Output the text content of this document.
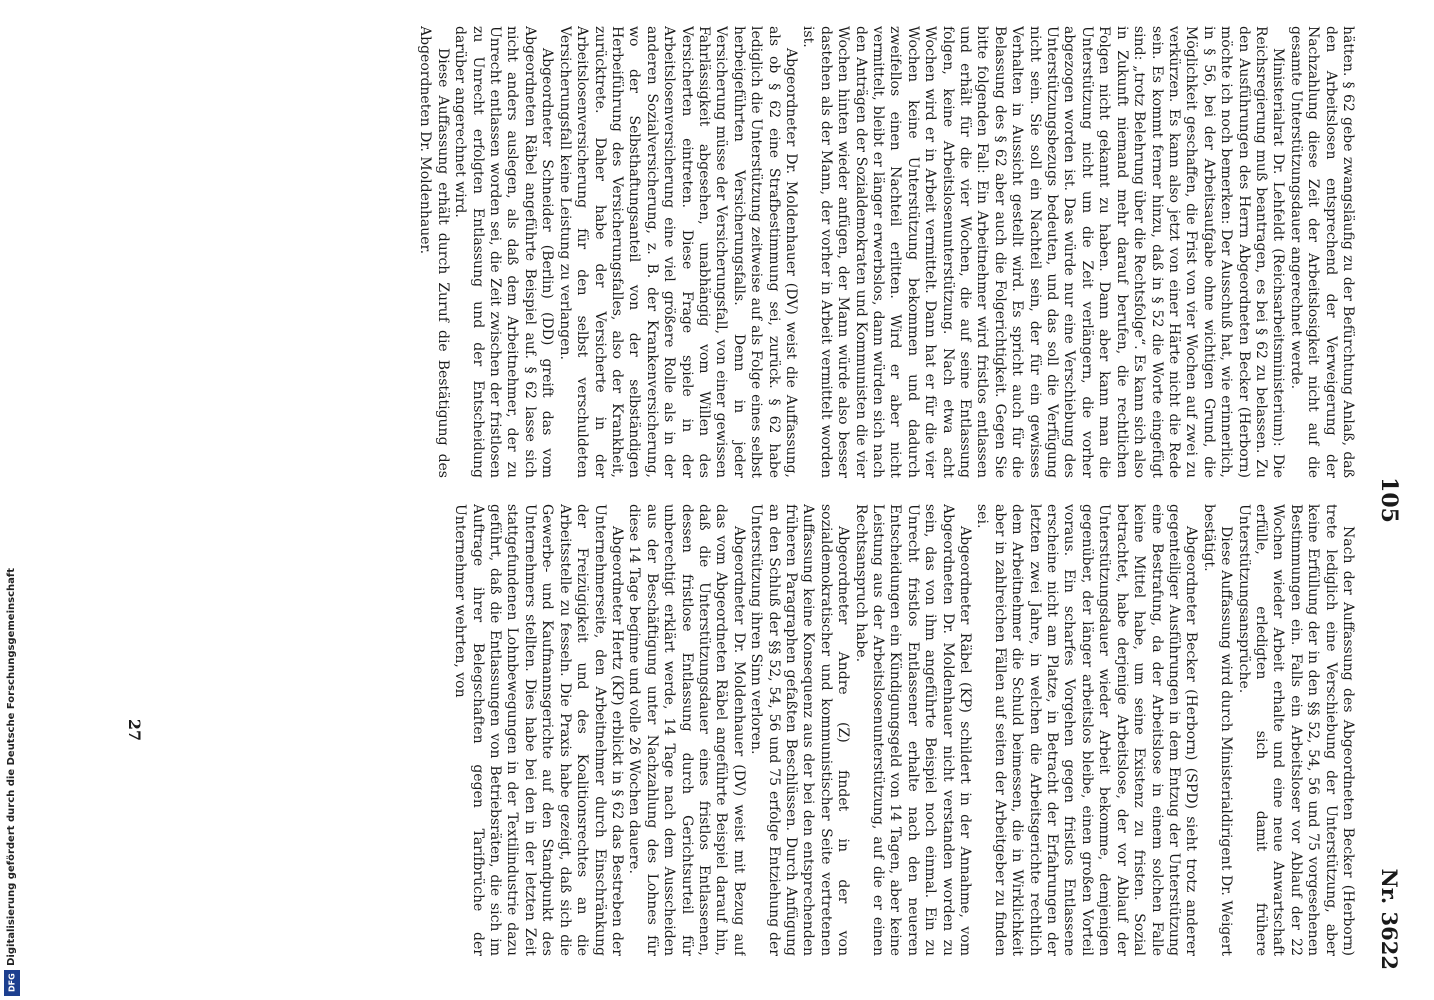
105
Nr. 3622

hätten. § 62 gebe zwangsläufig zu der Befürchtung Anlaß, daß den Arbeitslosen entsprechend der Verweigerung der Nachzahlung diese Zeit der Arbeitslosigkeit nicht auf die gesamte Unterstützungsdauer angerechnet werde.

Ministerialrat Dr. Lehfeldt (Reichsarbeitsministerium): Die Reichsregierung muß beantragen, es bei § 62 zu belassen. Zu den Ausführungen des Herrn Abgeordneten Becker (Herborn) möchte ich noch bemerken: Der Ausschuß hat, wie erinnerlich, in § 56, bei der Arbeitsaufgabe ohne wichtigen Grund, die Möglichkeit geschaffen, die Frist von vier Wochen auf zwei zu verkürzen. Es kann also jetzt von einer Härte nicht die Rede sein. Es kommt ferner hinzu, daß in § 52 die Worte eingefügt sind: „trotz Belehrung über die Rechtsfolge“. Es kann sich also in Zukunft niemand mehr darauf berufen, die rechtlichen Folgen nicht gekannt zu haben. Dann aber kann man die Unterstützung nicht um die Zeit verlängern, die vorher abgezogen worden ist. Das würde nur eine Verschiebung des Unterstützungsbezugs bedeuten, und das soll die Verfügung nicht sein. Sie soll ein Nachteil sein, der für ein gewisses Verhalten in Aussicht gestellt wird. Es spricht auch für die Belassung des § 62 aber auch die Folgerichtigkeit. Gegen Sie bitte folgenden Fall: Ein Arbeitnehmer wird fristlos entlassen und erhält für die vier Wochen, die auf seine Entlassung folgen, keine Arbeitslosenunterstützung. Nach etwa acht Wochen wird er in Arbeit vermittelt. Dann hat er für die vier Wochen keine Unterstützung bekommen und dadurch zweifellos einen Nachteil erlitten. Wird er aber nicht vermittelt, bleibt er länger erwerbslos, dann würden sich nach den Anträgen der Sozialdemokraten und Kommunisten die vier Wochen hinten wieder anfügen, der Mann würde also besser dastehen als der Mann, der vorher in Arbeit vermittelt worden ist.

Abgeordneter Dr. Moldenhauer (DV) weist die Auffassung, als ob § 62 eine Strafbestimmung sei, zurück. § 62 habe lediglich die Unterstützung zeitweise auf als Folge eines selbst herbeigeführten Versicherungsfalls. Denn in jeder Versicherung müsse der Versicherungsfall, von einer gewissen Fahrlässigkeit abgesehen, unabhängig vom Willen des Versicherten eintreten. Diese Frage spiele in der Arbeitslosenversicherung eine viel größere Rolle als in der anderen Sozialversicherung, z. B. der Krankenversicherung, wo der Selbsthaftungsanteil von der selbständigen Herbeiführung des Versicherungsfalles, also der Krankheit, zurücktrete. Daher habe der Versicherte in der Arbeitslosenversicherung für den selbst verschuldeten Versicherungsfall keine Leistung zu verlangen.

Abgeordneter Schneider (Berlin) (DD) greift das vom Abgeordneten Räbel angeführte Beispiel auf. § 62 lasse sich nicht anders auslegen, als daß dem Arbeitnehmer, der zu Unrecht entlassen worden sei, die Zeit zwischen der fristlosen zu Unrecht erfolgten Entlassung und der Entscheidung darüber angerechnet wird.

Diese Auffassung erhält durch Zuruf die Bestätigung des Abgeordneten Dr. Moldenhauer.

Nach der Auffassung des Abgeordneten Becker (Herborn) trete lediglich eine Verschiebung der Unterstützung, aber keine Erfüllung der in den §§ 52, 54, 56 und 75 vorgesehenen Bestimmungen ein. Falls ein Arbeitsloser vor Ablauf der 22 Wochen wieder Arbeit erhalte und eine neue Anwartschaft erfülle, erledigten sich damit frühere Unterstützungsansprüche.

Diese Auffassung wird durch Ministerialdirigent Dr. Weigert bestätigt.

Abgeordneter Becker (Herborn) (SPD) sieht trotz anderer gegenteiliger Ausführungen in dem Entzug der Unterstützung eine Bestrafung, da der Arbeitslose in einem solchen Falle keine Mittel habe, um seine Existenz zu fristen. Sozial betrachtet, habe derjenige Arbeitslose, der vor Ablauf der Unterstützungsdauer wieder Arbeit bekomme, demjenigen gegenüber, der länger arbeitslos bleibe, einen großen Vorteil voraus. Ein scharfes Vorgehen gegen fristlos Entlassene erscheine nicht am Platze, in Betracht der Erfahrungen der letzten zwei Jahre, in welchen die Arbeitsgerichte rechtlich dem Arbeitnehmer die Schuld beimessen, die in Wirklichkeit aber in zahlreichen Fällen auf seiten der Arbeitgeber zu finden sei.

Abgeordneter Räbel (KP) schildert in der Annahme, vom Abgeordneten Dr. Moldenhauer nicht verstanden worden zu sein, das von ihm angeführte Beispiel noch einmal. Ein zu Unrecht fristlos Entlassener erhalte nach den neueren Entscheidungen ein Kündigungsgeld von 14 Tagen, aber keine Leistung aus der Arbeitslosenunterstützung, auf die er einen Rechtsanspruch habe.

Abgeordneter Andre (Z) findet in der von sozialdemokratischer und kommunistischer Seite vertretenen Auffassung keine Konsequenz aus der bei den entsprechenden früheren Paragraphen gefaßten Beschlüssen. Durch Anfügung an den Schluß der §§ 52, 54, 56 und 75 erfolge Entziehung der Unterstützung ihren Sinn verloren.

Abgeordneter Dr. Moldenhauer (DV) weist mit Bezug auf das vom Abgeordneten Räbel angeführte Beispiel darauf hin, daß die Unterstützungsdauer eines fristlos Entlassenen, dessen fristlose Entlassung durch Gerichtsurteil für unberechtigt erklärt werde, 14 Tage nach dem Ausscheiden aus der Beschäftigung unter Nachzahlung des Lohnes für diese 14 Tage beginne und volle 26 Wochen dauere.

Abgeordneter Hertz (KP) erblickt in § 62 das Bestreben der Unternehmerseite, den Arbeitnehmer durch Einschränkung der Freizügigkeit und des Koalitionsrechtes an die Arbeitsstelle zu fesseln. Die Praxis habe gezeigt, daß sich die Gewerbe- und Kaufmannsgerichte auf den Standpunkt des Unternehmers stellten. Dies habe bei den in der letzten Zeit stattgefundenen Lohnbewegungen in der Textilindustrie dazu geführt, daß die Entlassungen von Betriebsräten, die sich im Auftrage ihrer Belegschaften gegen Tarifbrüche der Unternehmer wehrten, von

27
Digitalisierung gefördert durch die Deutsche Forschungsgemeinschaft
DFG
